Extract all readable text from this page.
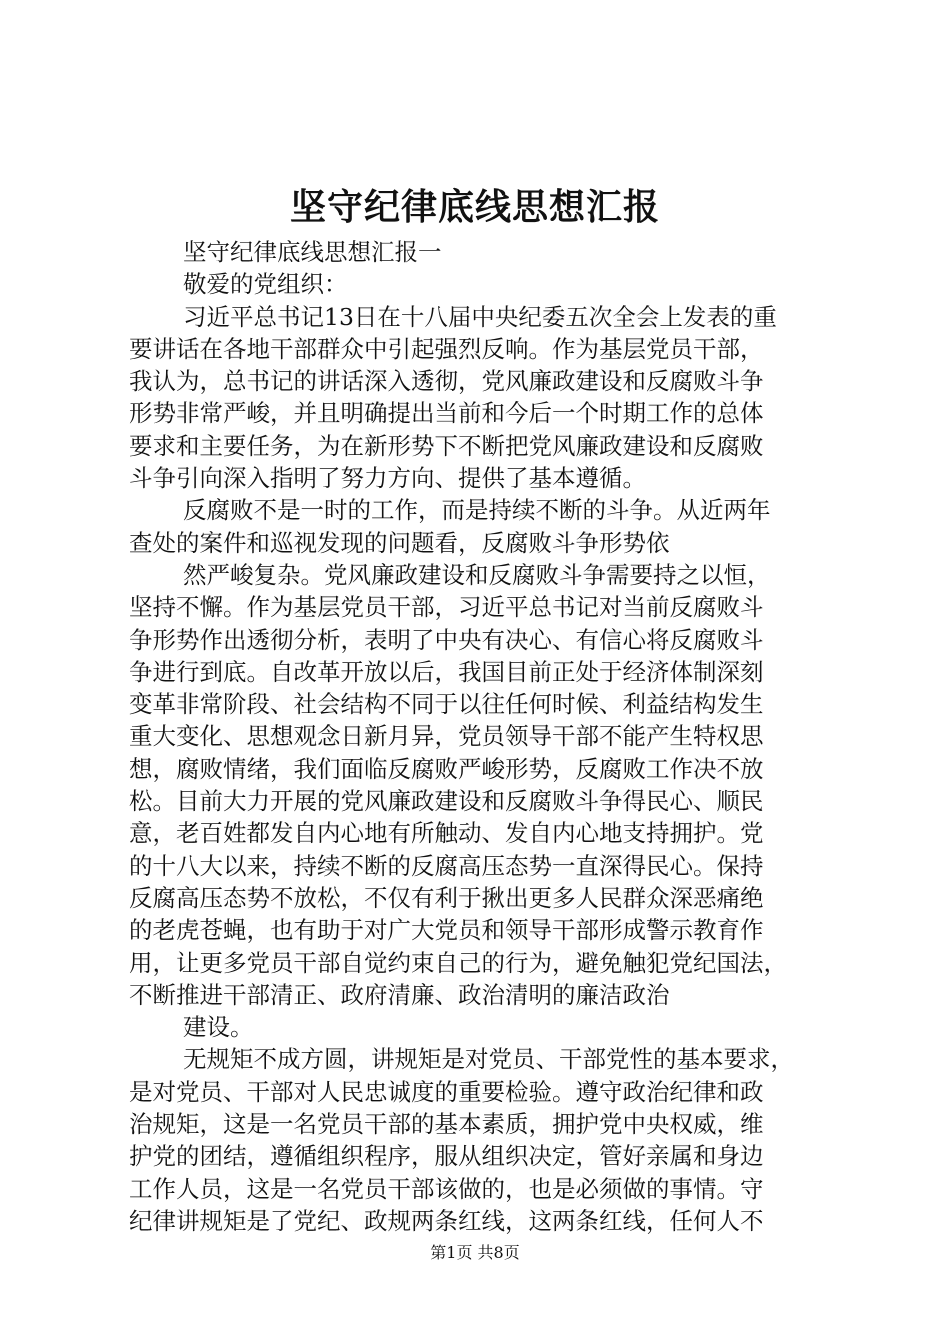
坚守纪律底线思想汇报
坚守纪律底线思想汇报一
敬爱的党组织：
习近平总书记13日在十八届中央纪委五次全会上发表的重
要讲话在各地干部群众中引起强烈反响。作为基层党员干部，
我认为，总书记的讲话深入透彻，党风廉政建设和反腐败斗争
形势非常严峻，并且明确提出当前和今后一个时期工作的总体
要求和主要任务，为在新形势下不断把党风廉政建设和反腐败
斗争引向深入指明了努力方向、提供了基本遵循。
反腐败不是一时的工作，而是持续不断的斗争。从近两年
查处的案件和巡视发现的问题看，反腐败斗争形势依
然严峻复杂。党风廉政建设和反腐败斗争需要持之以恒，
坚持不懈。作为基层党员干部，习近平总书记对当前反腐败斗
争形势作出透彻分析，表明了中央有决心、有信心将反腐败斗
争进行到底。自改革开放以后，我国目前正处于经济体制深刻
变革非常阶段、社会结构不同于以往任何时候、利益结构发生
重大变化、思想观念日新月异，党员领导干部不能产生特权思
想，腐败情绪，我们面临反腐败严峻形势，反腐败工作决不放
松。目前大力开展的党风廉政建设和反腐败斗争得民心、顺民
意，老百姓都发自内心地有所触动、发自内心地支持拥护。党
的十八大以来，持续不断的反腐高压态势一直深得民心。保持
反腐高压态势不放松，不仅有利于揪出更多人民群众深恶痛绝
的老虎苍蝇，也有助于对广大党员和领导干部形成警示教育作
用，让更多党员干部自觉约束自己的行为，避免触犯党纪国法，
不断推进干部清正、政府清廉、政治清明的廉洁政治
建设。
无规矩不成方圆，讲规矩是对党员、干部党性的基本要求，
是对党员、干部对人民忠诚度的重要检验。遵守政治纪律和政
治规矩，这是一名党员干部的基本素质，拥护党中央权威，维
护党的团结，遵循组织程序，服从组织决定，管好亲属和身边
工作人员，这是一名党员干部该做的，也是必须做的事情。守
纪律讲规矩是了党纪、政规两条红线，这两条红线，任何人不
第1页 共8页
